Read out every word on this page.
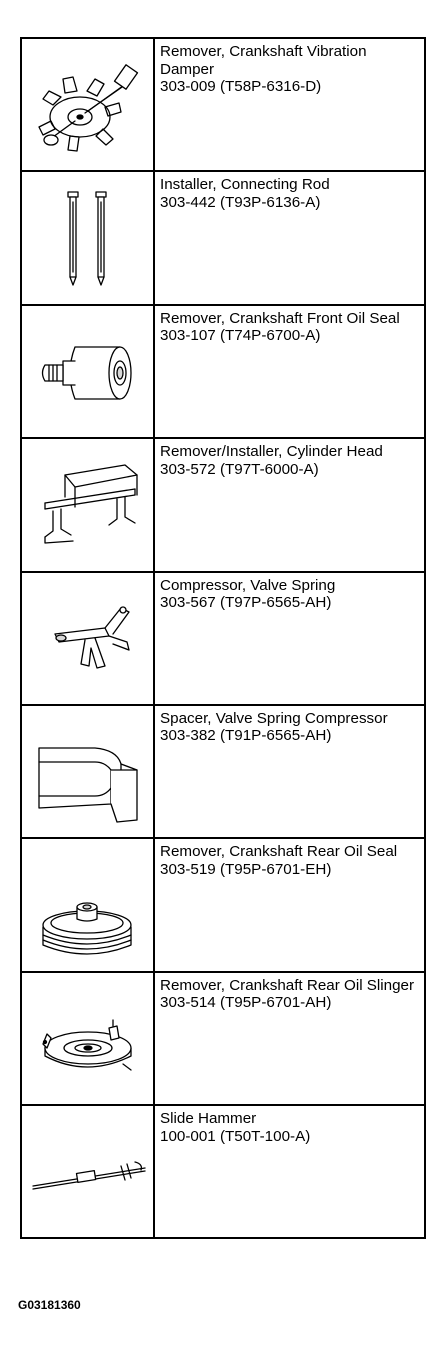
Remover, Crankshaft Vibration Damper
303-009 (T58P-6316-D)
Installer, Connecting Rod
303-442 (T93P-6136-A)
Remover, Crankshaft Front Oil Seal
303-107 (T74P-6700-A)
Remover/Installer, Cylinder Head
303-572 (T97T-6000-A)
Compressor, Valve Spring
303-567 (T97P-6565-AH)
Spacer, Valve Spring Compressor
303-382 (T91P-6565-AH)
Remover, Crankshaft Rear Oil Seal
303-519 (T95P-6701-EH)
Remover, Crankshaft Rear Oil Slinger
303-514 (T95P-6701-AH)
Slide Hammer
100-001 (T50T-100-A)
G03181360
